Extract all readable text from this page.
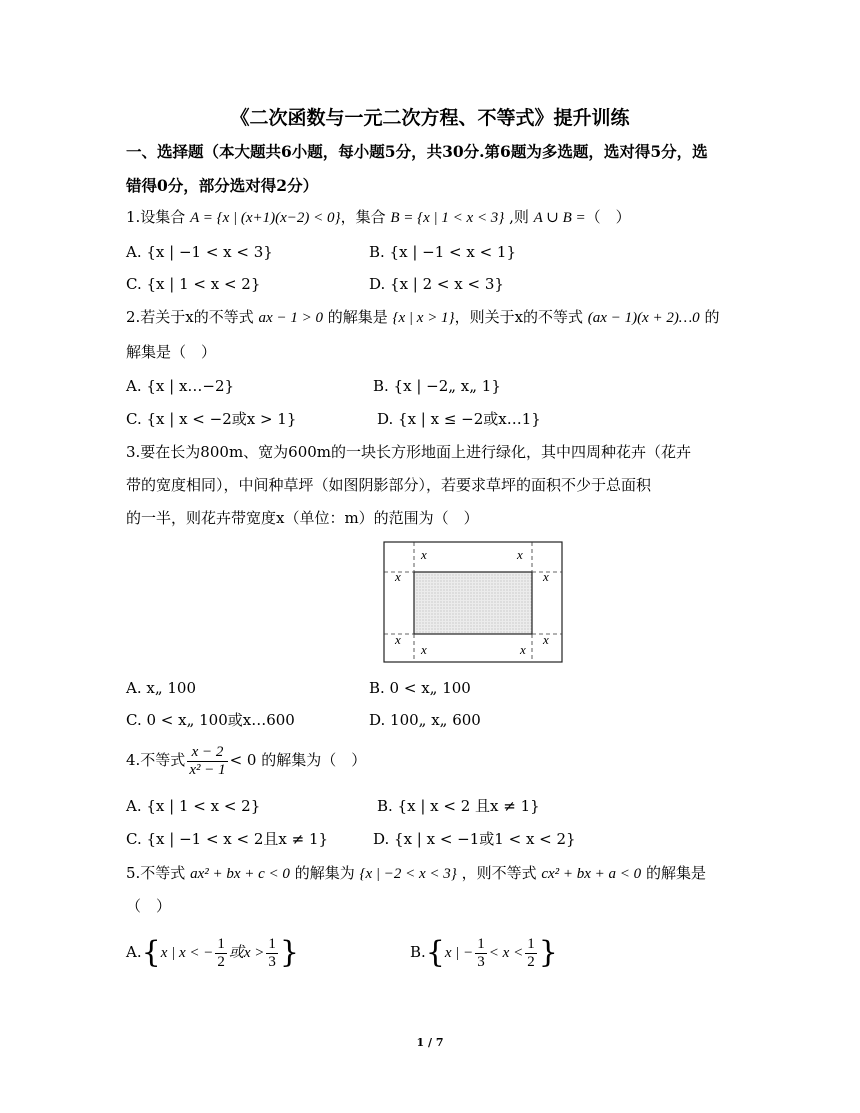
《二次函数与一元二次方程、不等式》提升训练
一、选择题（本大题共6小题，每小题5分，共30分.第6题为多选题，选对得5分，选
错得0分，部分选对得2分）
1.设集合 A = {x | (x+1)(x−2) < 0}，集合 B = {x | 1 < x < 3} ,则 A ∪ B =（　）
A. {x | −1 < x < 3}	B. {x | −1 < x < 1}
C. {x | 1 < x < 2}	D. {x | 2 < x < 3}
2.若关于x的不等式 ax − 1 > 0 的解集是 {x | x > 1}，则关于x的不等式 (ax − 1)(x + 2)…0 的
解集是（　）
A. {x | x…−2}	B. {x | −2„ x„ 1}
C. {x | x < −2或x > 1}	D. {x | x ≤ −2或x…1}
3.要在长为800m、宽为600m的一块长方形地面上进行绿化，其中四周种花卉（花卉
带的宽度相同），中间种草坪（如图阴影部分），若要求草坪的面积不少于总面积
的一半，则花卉带宽度x（单位：m）的范围为（　）
x	x
x	x
x	x
x	x
A. x„ 100	B. 0 < x„ 100
C. 0 < x„ 100或x…600	D. 100„ x„ 600
4.不等式 $\frac{x - 2}{\text{x² − 1}} < 0$ 的解集为（　）
A. {x | 1 < x < 2}	B. {x | x < 2 且x ≠ 1}
C. {x | −1 < x < 2且x ≠ 1}	D. {x | x < −1或1 < x < 2}
5.不等式 ax² + bx + c < 0 的解集为 {x | −2 < x < 3} ，则不等式 cx² + bx + a < 0 的解集是
（　）
A.{x | x < − $\frac{1}{2}$ 或$x > \frac{1}{3}$ }	B.{x | − $\frac{1}{3} < x < \frac{1}{2}$ }
1 / 7
